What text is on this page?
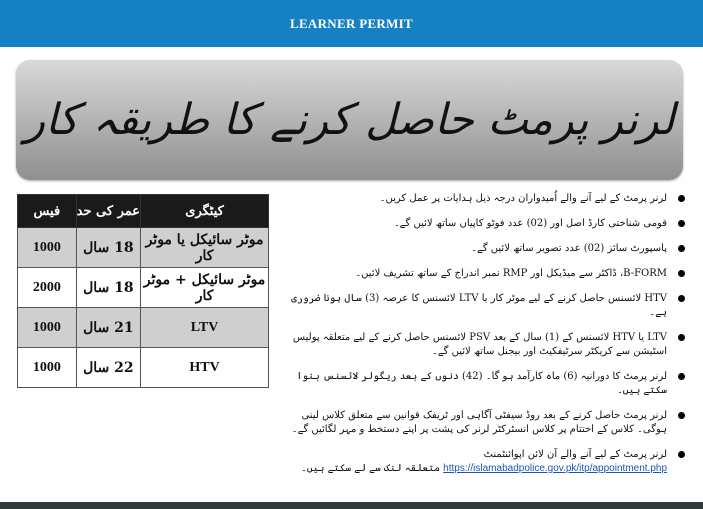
LEARNER PERMIT
لرنر پرمٹ حاصل کرنے کا طریقہ کار
کیٹگری	عمر کی حد	فیس
موٹر سائیکل یا موٹر کار	18 سال	1000
موٹر سائیکل + موٹر کار	18 سال	2000
LTV	21 سال	1000
HTV	22 سال	1000
لرنر پرمٹ کے لیے آنے والے اُمیدواران درجہ ذیل ہدایات پر عمل کریں۔
قومی شناختی کارڈ اصل اور (02) عدد فوٹو کاپیاں ساتھ لائیں گے۔
پاسپورٹ سائز (02) عدد تصویر ساتھ لائیں گے۔
B-FORM، ڈاکٹر سے میڈیکل اور RMP نمبر اندراج کے ساتھ تشریف لائیں۔
HTV لائسنس حاصل کرنے کے لیے موٹر کار یا LTV لائسنس کا عرصہ (3) سال ہونا ضروری ہے۔
LTV یا HTV لائسنس کے (1) سال کے بعد PSV لائسنس حاصل کرنے کے لیے متعلقہ پولیس اسٹیشن سے کریکٹر سرٹیفکیٹ اور بیجنل ساتھ لائیں گے۔
لرنر پرمٹ کا دورانیہ (6) ماہ کارآمد ہو گا۔ (42) دنوں کے بعد ریگولر لائسنس بنوا سکتے ہیں۔
لرنر پرمٹ حاصل کرنے کے بعد روڈ سیفٹی آگاہی اور ٹریفک قوانین سے متعلق کلاس لینی ہوگی۔ کلاس کے اختتام پر کلاس انسٹرکٹر لرنر کی پشت پر اپنے دستخط و مہر لگائیں گے۔
لرنر پرمٹ کے لیے آنے والے آن لائن اپوائنٹمنٹ https://islamabadpolice.gov.pk/itp/appointment.php متعلقہ لنک سے لے سکتے ہیں۔
